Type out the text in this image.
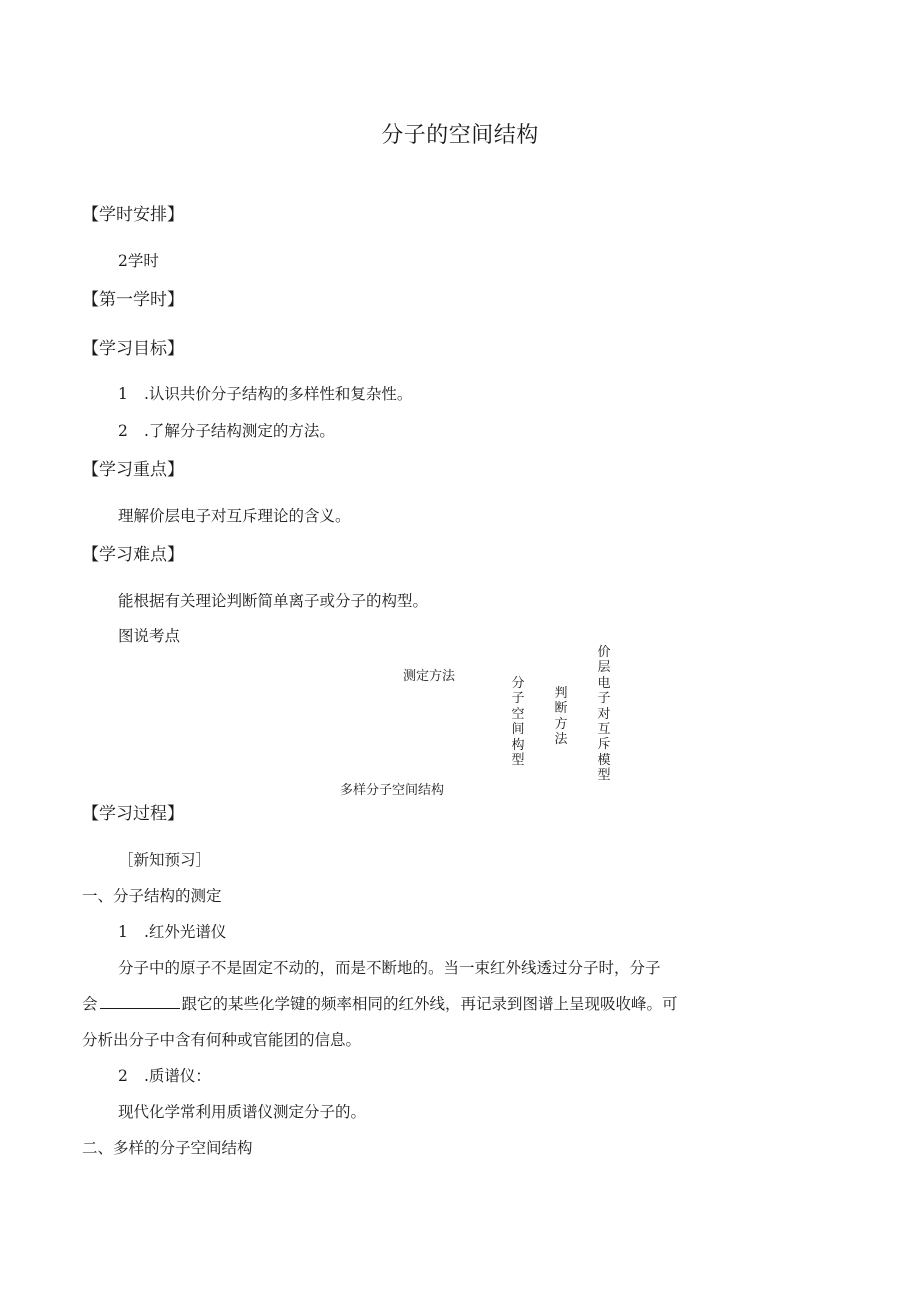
分子的空间结构
【学时安排】
2学时
【第一学时】
【学习目标】
1 .认识共价分子结构的多样性和复杂性。
2 .了解分子结构测定的方法。
【学习重点】
理解价层电子对互斥理论的含义。
【学习难点】
能根据有关理论判断简单离子或分子的构型。
图说考点
测定方法	分子空间构型
判断方法
价层电子对互斥模型
多样分子空间结构
【学习过程】
［新知预习］
一、分子结构的测定
1 .红外光谱仪
分子中的原子不是固定不动的，而是不断地的。当一束红外线透过分子时，分子
会	跟它的某些化学键的频率相同的红外线，再记录到图谱上呈现吸收峰。可
分析出分子中含有何种或官能团的信息。
2 .质谱仪：
现代化学常利用质谱仪测定分子的。
二、多样的分子空间结构
